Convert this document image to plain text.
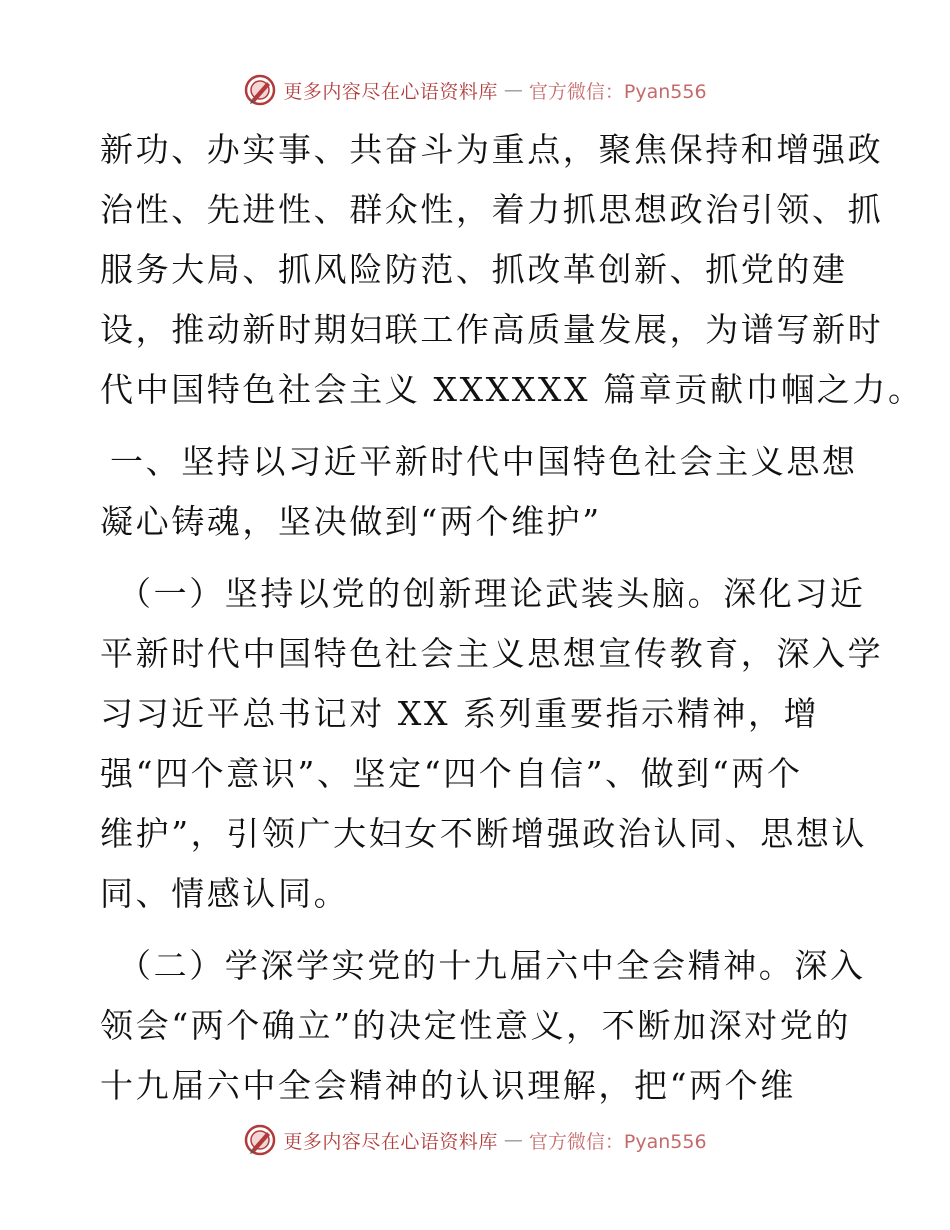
更多内容尽在心语资料库 — 官方微信：Pyan556
新功、办实事、共奋斗为重点，聚焦保持和增强政
治性、先进性、群众性，着力抓思想政治引领、抓
服务大局、抓风险防范、抓改革创新、抓党的建
设，推动新时期妇联工作高质量发展，为谱写新时
代中国特色社会主义 XXXXXX 篇章贡献巾帼之力。
一、坚持以习近平新时代中国特色社会主义思想
凝心铸魂，坚决做到“两个维护”
（一）坚持以党的创新理论武装头脑。深化习近
平新时代中国特色社会主义思想宣传教育，深入学
习习近平总书记对 XX 系列重要指示精神，增
强“四个意识”、坚定“四个自信”、做到“两个
维护”，引领广大妇女不断增强政治认同、思想认
同、情感认同。
（二）学深学实党的十九届六中全会精神。深入
领会“两个确立”的决定性意义，不断加深对党的
十九届六中全会精神的认识理解，把“两个维
更多内容尽在心语资料库 — 官方微信：Pyan556
